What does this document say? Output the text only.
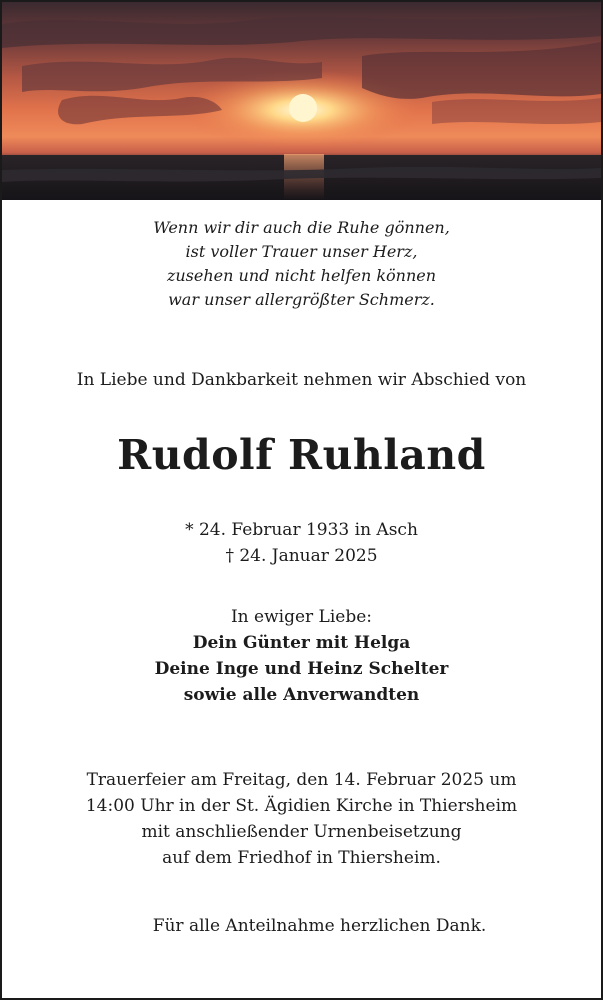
Wenn wir dir auch die Ruhe gönnen,
ist voller Trauer unser Herz,
zusehen und nicht helfen können
war unser allergrößter Schmerz.
In Liebe und Dankbarkeit nehmen wir Abschied von
Rudolf Ruhland
* 24. Februar 1933 in Asch
† 24. Januar 2025
In ewiger Liebe:
Dein Günter mit Helga
Deine Inge und Heinz Schelter
sowie alle Anverwandten
Trauerfeier am Freitag, den 14. Februar 2025 um
14:00 Uhr in der St. Ägidien Kirche in Thiersheim
mit anschließender Urnenbeisetzung
auf dem Friedhof in Thiersheim.
Für alle Anteilnahme herzlichen Dank.
